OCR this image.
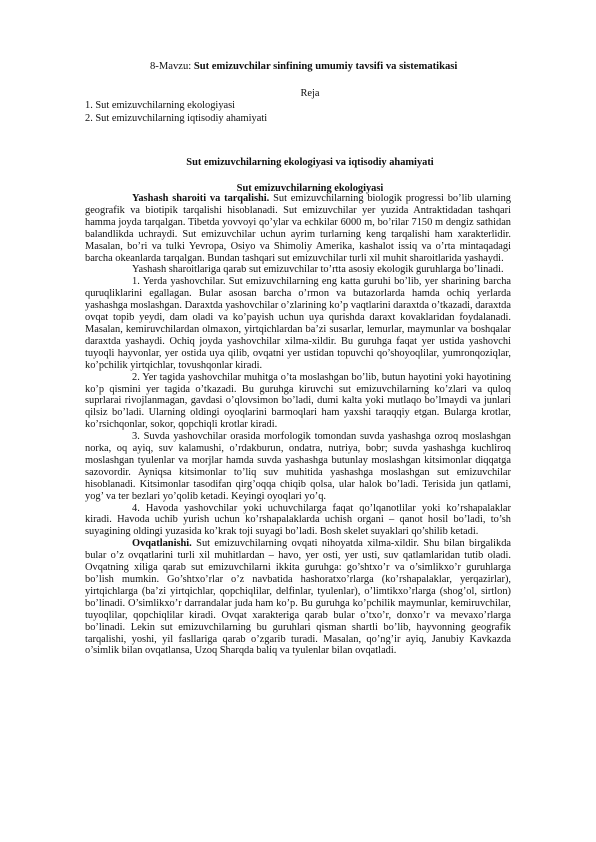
8-Mavzu: Sut emizuvchilar sinfining umumiy tavsifi va sistematikasi
Reja
1. Sut emizuvchilarning ekologiyasi
2. Sut emizuvchilarning iqtisodiy ahamiyati
Sut emizuvchilarning ekologiyasi va iqtisodiy ahamiyati
Sut emizuvchilarning ekologiyasi

Yashash sharoiti va tarqalishi. Sut emizuvchilarning biologik progressi bo’lib ularning geografik va biotipik tarqalishi hisoblanadi. Sut emizuvchilar yer yuzida Antraktidadan tashqari hamma joyda tarqalgan. Tibetda yovvoyi qo’ylar va echkilar 6000 m, bo’rilar 7150 m dengiz sathidan balandlikda uchraydi. Sut emizuvchilar uchun ayrim turlarning keng tarqalishi ham xarakterlidir. Masalan, bo’ri va tulki Yevropa, Osiyo va Shimoliy Amerika, kashalot issiq va o’rta mintaqadagi barcha okeanlarda tarqalgan. Bundan tashqari sut emizuvchilar turli xil muhit sharoitlarida yashaydi.

Yashash sharoitlariga qarab sut emizuvchilar to’rtta asosiy ekologik guruhlarga bo’linadi.

1. Yerda yashovchilar. Sut emizuvchilarning eng katta guruhi bo’lib, yer sharining barcha quruqliklarini egallagan. Bular asosan barcha o’rmon va butazorlarda hamda ochiq yerlarda yashashga moslashgan. Daraxtda yashovchilar o’zlarining ko’p vaqtlarini daraxtda o’tkazadi, daraxtda ovqat topib yeydi, dam oladi va ko’payish uchun uya qurishda daraxt kovaklaridan foydalanadi. Masalan, kemiruvchilardan olmaxon, yirtqichlardan ba’zi susarlar, lemurlar, maymunlar va boshqalar daraxtda yashaydi. Ochiq joyda yashovchilar xilma-xildir. Bu guruhga faqat yer ustida yashovchi tuyoqli hayvonlar, yer ostida uya qilib, ovqatni yer ustidan topuvchi qo’shoyoqlilar, yumronqoziqlar, ko’pchilik yirtqichlar, tovushqonlar kiradi.

2. Yer tagida yashovchilar muhitga o’ta moslashgan bo’lib, butun hayotini yoki hayotining ko’p qismini yer tagida o’tkazadi. Bu guruhga kiruvchi sut emizuvchilarning ko’zlari va quloq suprlarai rivojlanmagan, gavdasi o’qlovsimon bo’ladi, dumi kalta yoki mutlaqo bo’lmaydi va junlari qilsiz bo’ladi. Ularning oldingi oyoqlarini barmoqlari ham yaxshi taraqqiy etgan. Bularga krotlar, ko’rsichqonlar, sokor, qopchiqli krotlar kiradi.

3. Suvda yashovchilar orasida morfologik tomondan suvda yashashga ozroq moslashgan norka, oq ayiq, suv kalamushi, o’rdakburun, ondatra, nutriya, bobr; suvda yashashga kuchliroq moslashgan tyulenlar va morjlar hamda suvda yashashga butunlay moslashgan kitsimonlar diqqatga sazovordir. Ayniqsa kitsimonlar to’liq suv muhitida yashashga moslashgan sut emizuvchilar hisoblanadi. Kitsimonlar tasodifan qirg’oqqa chiqib qolsa, ular halok bo’ladi. Terisida jun qatlami, yog’ va ter bezlari yo’qolib ketadi. Keyingi oyoqlari yo’q.

4. Havoda yashovchilar yoki uchuvchilarga faqat qo’lqanotlilar yoki ko’rshapalaklar kiradi. Havoda uchib yurish uchun ko’rshapalaklarda uchish organi – qanot hosil bo’ladi, to’sh suyagining oldingi yuzasida ko’krak toji suyagi bo’ladi. Bosh skelet suyaklari qo’shilib ketadi.

Ovqatlanishi. Sut emizuvchilarning ovqati nihoyatda xilma-xildir. Shu bilan birgalikda bular o’z ovqatlarini turli xil muhitlardan – havo, yer osti, yer usti, suv qatlamlaridan tutib oladi. Ovqatning xiliga qarab sut emizuvchilarni ikkita guruhga: go’shtxo’r va o’simlikxo’r guruhlarga bo’lish mumkin. Go’shtxo’rlar o’z navbatida hashoratxo’rlarga (ko’rshapalaklar, yerqazirlar), yirtqichlarga (ba’zi yirtqichlar, qopchiqlilar, delfinlar, tyulenlar), o’limtikxo’rlarga (shog’ol, sirtlon) bo’linadi. O’simlikxo’r darrandalar juda ham ko’p. Bu guruhga ko’pchilik maymunlar, kemiruvchilar, tuyoqlilar, qopchiqlilar kiradi. Ovqat xarakteriga qarab bular o’txo’r, donxo’r va mevaxo’rlarga bo’linadi. Lekin sut emizuvchilarning bu guruhlari qisman shartli bo’lib, hayvonning geografik tarqalishi, yoshi, yil fasllariga qarab o’zgarib turadi. Masalan, qo’ng’ir ayiq, Janubiy Kavkazda o’simlik bilan ovqatlansa, Uzoq Sharqda baliq va tyulenlar bilan ovqatladi.
